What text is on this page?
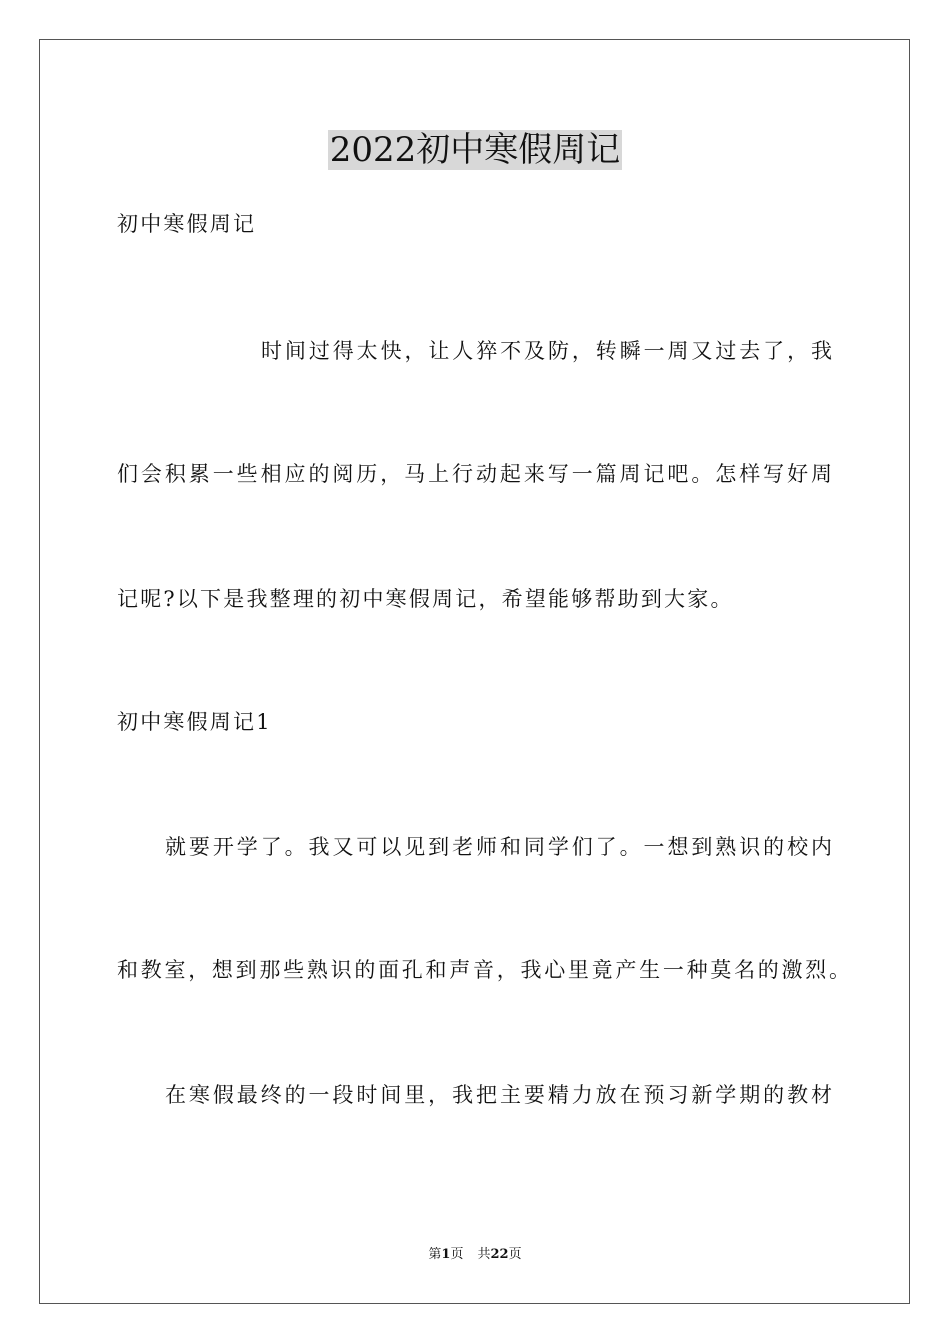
2022初中寒假周记
初中寒假周记
时间过得太快，让人猝不及防，转瞬一周又过去了，我
们会积累一些相应的阅历，马上行动起来写一篇周记吧。怎样写好周
记呢?以下是我整理的初中寒假周记，希望能够帮助到大家。
初中寒假周记1
就要开学了。我又可以见到老师和同学们了。一想到熟识的校内
和教室，想到那些熟识的面孔和声音，我心里竟产生一种莫名的激烈。
在寒假最终的一段时间里，我把主要精力放在预习新学期的教材
第1页 共22页
